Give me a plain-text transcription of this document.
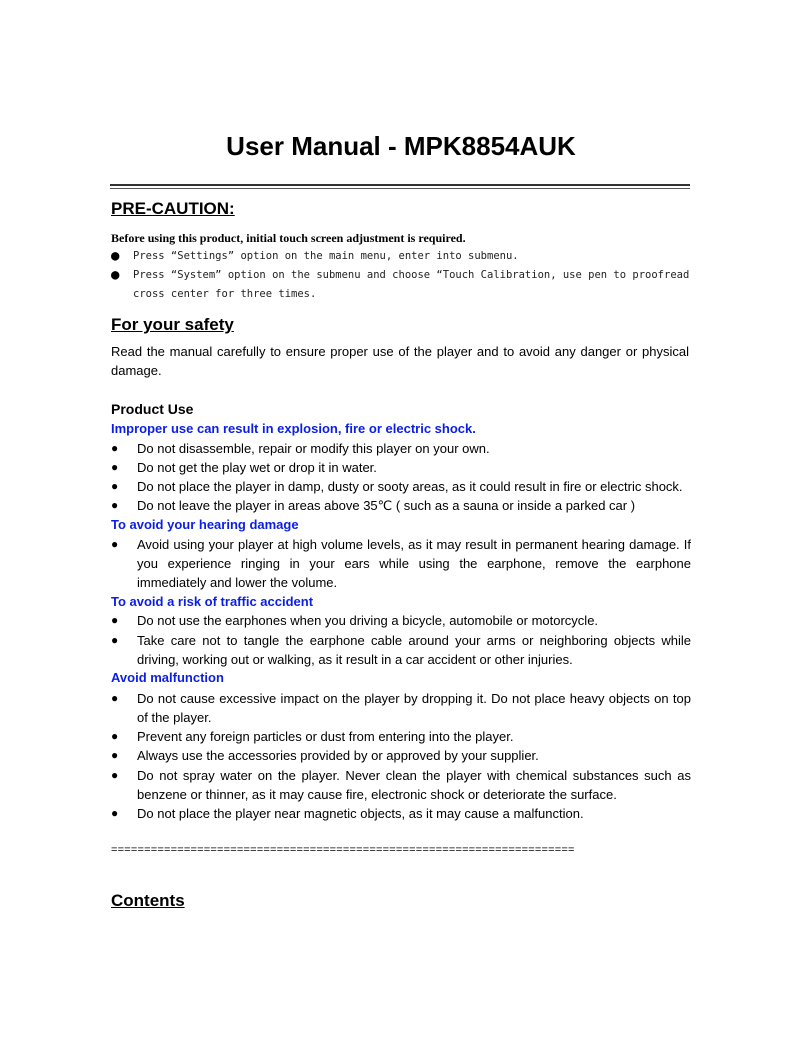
User Manual - MPK8854AUK
PRE-CAUTION:
Before using this product, initial touch screen adjustment is required.
●	Press “Settings” option on the main menu, enter into submenu.
●	Press “System” option on the submenu and choose “Touch Calibration, use pen to proofread cross center for three times.
For your safety
Read the manual carefully to ensure proper use of the player and to avoid any danger or physical damage.
Product Use
Improper use can result in explosion, fire or electric shock.
● Do not disassemble, repair or modify this player on your own.
● Do not get the play wet or drop it in water.
● Do not place the player in damp, dusty or sooty areas, as it could result in fire or electric shock.
● Do not leave the player in areas above 35℃ ( such as a sauna or inside a parked car )
To avoid your hearing damage
● Avoid using your player at high volume levels, as it may result in permanent hearing damage. If you experience ringing in your ears while using the earphone, remove the earphone immediately and lower the volume.
To avoid a risk of traffic accident
● Do not use the earphones when you driving a bicycle, automobile or motorcycle.
● Take care not to tangle the earphone cable around your arms or neighboring objects while driving, working out or walking, as it result in a car accident or other injuries.
Avoid malfunction
● Do not cause excessive impact on the player by dropping it. Do not place heavy objects on top of the player.
● Prevent any foreign particles or dust from entering into the player.
● Always use the accessories provided by or approved by your supplier.
● Do not spray water on the player. Never clean the player with chemical substances such as benzene or thinner, as it may cause fire, electronic shock or deteriorate the surface.
● Do not place the player near magnetic objects, as it may cause a malfunction.
======================================================================
Contents
